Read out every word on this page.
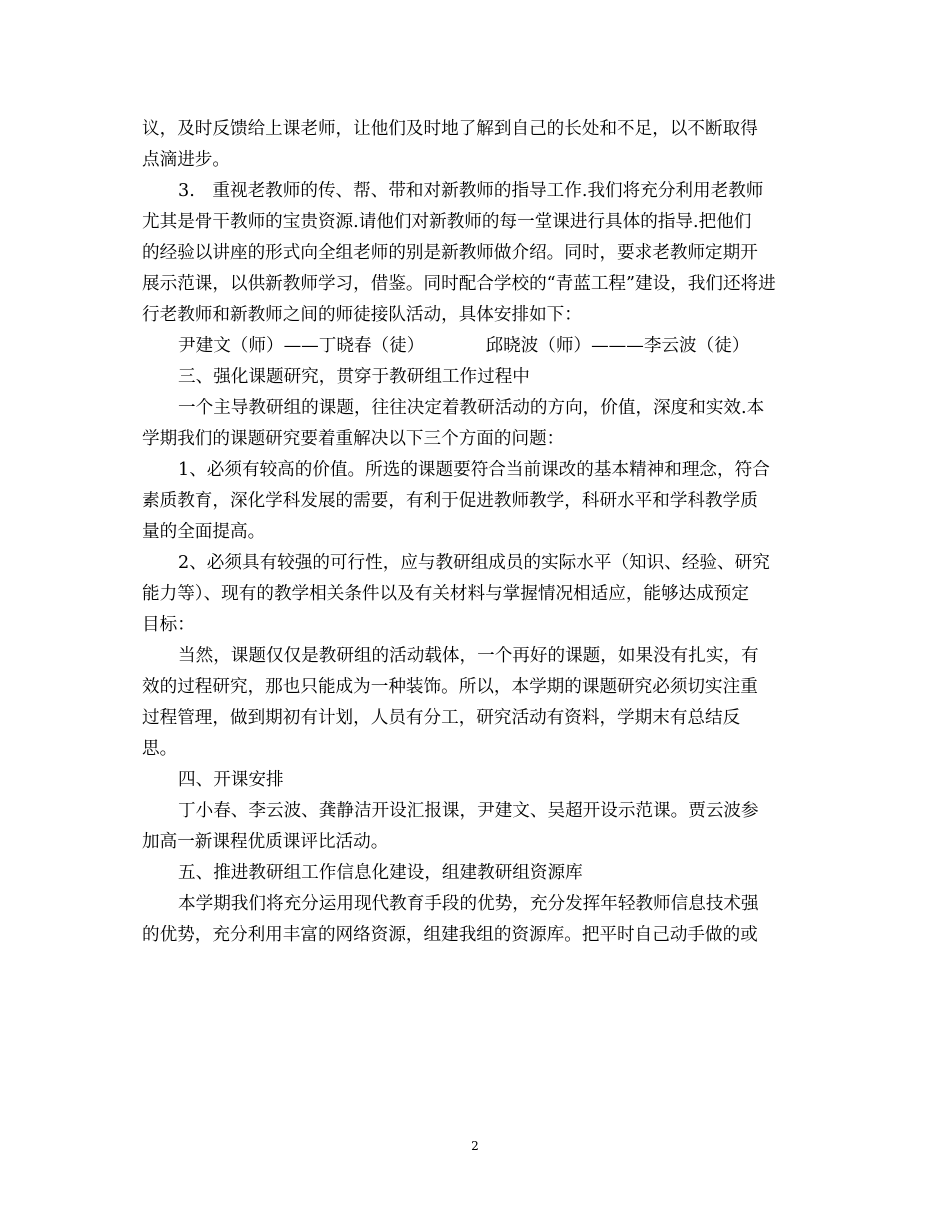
议，及时反馈给上课老师，让他们及时地了解到自己的长处和不足，以不断取得
点滴进步。
3.　重视老教师的传、帮、带和对新教师的指导工作.我们将充分利用老教师
尤其是骨干教师的宝贵资源.请他们对新教师的每一堂课进行具体的指导.把他们
的经验以讲座的形式向全组老师的别是新教师做介绍。同时，要求老教师定期开
展示范课，以供新教师学习，借鉴。同时配合学校的“青蓝工程”建设，我们还将进
行老教师和新教师之间的师徒接队活动，具体安排如下：
尹建文（师）——丁晓春（徒）	邱晓波（师）———李云波（徒）
三、强化课题研究，贯穿于教研组工作过程中
一个主导教研组的课题，往往决定着教研活动的方向，价值，深度和实效.本
学期我们的课题研究要着重解决以下三个方面的问题：
1、必须有较高的价值。所选的课题要符合当前课改的基本精神和理念，符合
素质教育，深化学科发展的需要，有利于促进教师教学，科研水平和学科教学质
量的全面提高。
2、必须具有较强的可行性，应与教研组成员的实际水平（知识、经验、研究
能力等）、现有的教学相关条件以及有关材料与掌握情况相适应，能够达成预定
目标：
当然，课题仅仅是教研组的活动载体，一个再好的课题，如果没有扎实，有
效的过程研究，那也只能成为一种装饰。所以，本学期的课题研究必须切实注重
过程管理，做到期初有计划，人员有分工，研究活动有资料，学期末有总结反
思。
四、开课安排
丁小春、李云波、龚静洁开设汇报课，尹建文、吴超开设示范课。贾云波参
加高一新课程优质课评比活动。
五、推进教研组工作信息化建设，组建教研组资源库
本学期我们将充分运用现代教育手段的优势，充分发挥年轻教师信息技术强
的优势，充分利用丰富的网络资源，组建我组的资源库。把平时自己动手做的或
2
